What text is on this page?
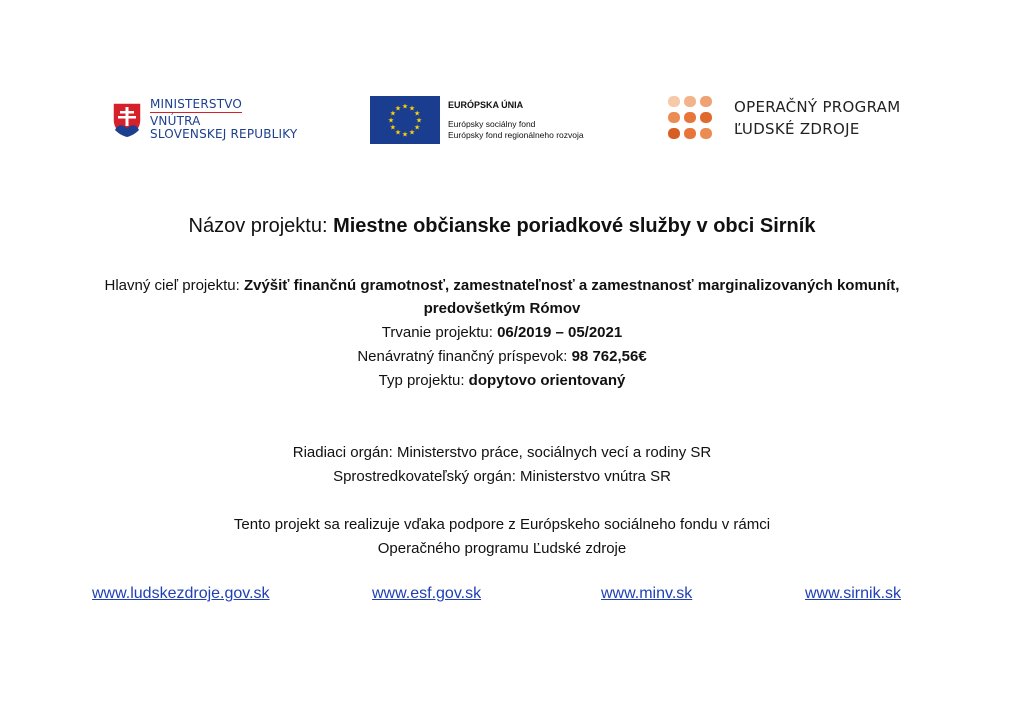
MINISTERSTVO
VNÚTRA
SLOVENSKEJ REPUBLIKY
★
★
★
★
★
★
★
★
★ ★ ★
★
EURÓPSKA ÚNIA
Európsky sociálny fond
Európsky fond regionálneho rozvoja
OPERAČNÝ PROGRAM
ĽUDSKÉ ZDROJE
Názov projektu: Miestne občianske poriadkové služby v obci Sirník
Hlavný cieľ projektu: Zvýšiť finančnú gramotnosť, zamestnateľnosť a zamestnanosť marginalizovaných komunít,
predovšetkým Rómov
Trvanie projektu: 06/2019 – 05/2021
Nenávratný finančný príspevok: 98 762,56€
Typ projektu: dopytovo orientovaný
Riadiaci orgán: Ministerstvo práce, sociálnych vecí a rodiny SR
Sprostredkovateľský orgán: Ministerstvo vnútra SR
Tento projekt sa realizuje vďaka podpore z Európskeho sociálneho fondu v rámci
Operačného programu Ľudské zdroje
www.ludskezdroje.gov.sk	www.esf.gov.sk	www.minv.sk	www.sirnik.sk
